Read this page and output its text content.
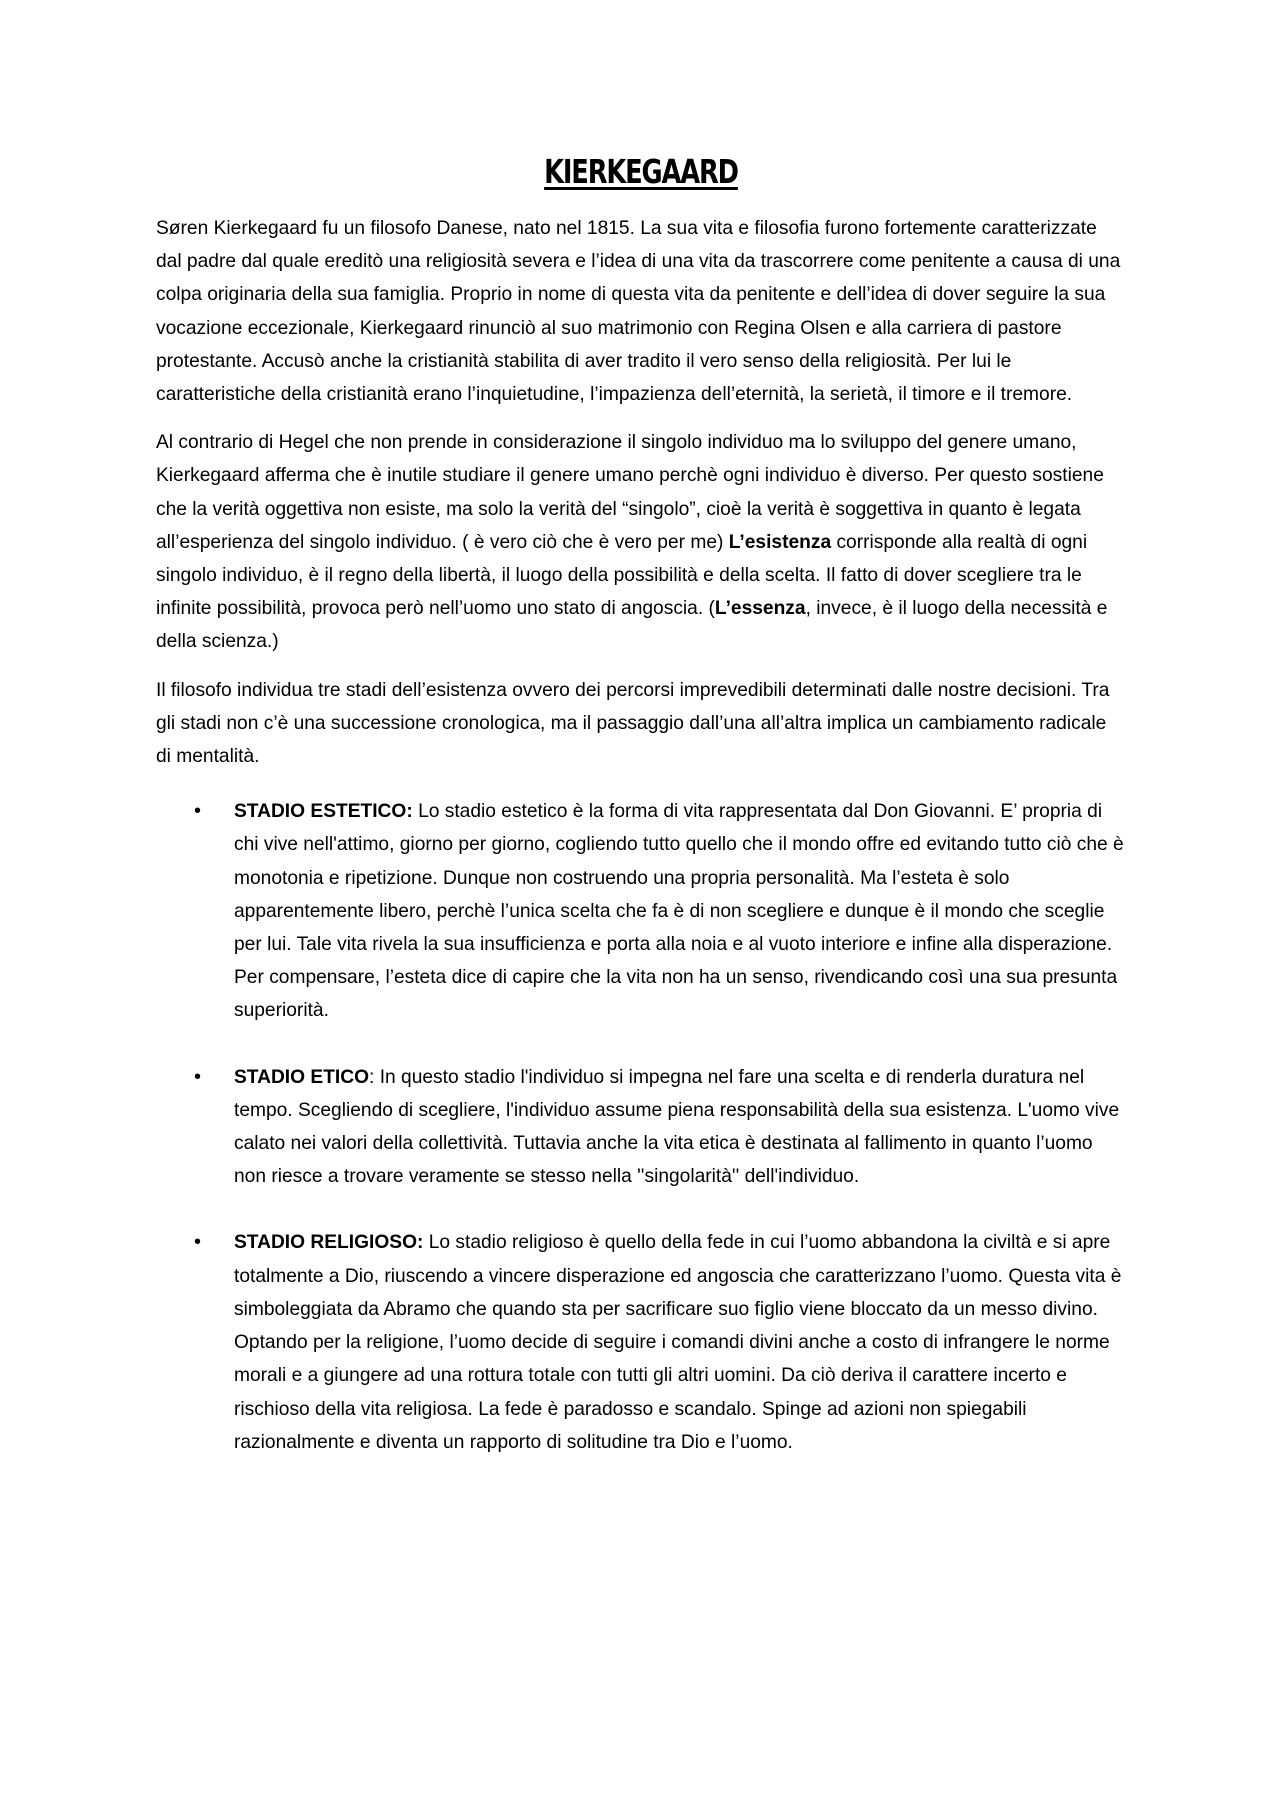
KIERKEGAARD

Søren Kierkegaard fu un filosofo Danese, nato nel 1815. La sua vita e filosofia furono fortemente caratterizzate dal padre dal quale ereditò una religiosità severa e l’idea di una vita da trascorrere come penitente a causa di una colpa originaria della sua famiglia. Proprio in nome di questa vita da penitente e dell’idea di dover seguire la sua vocazione eccezionale, Kierkegaard rinunciò al suo matrimonio con Regina Olsen e alla carriera di pastore protestante. Accusò anche la cristianità stabilita di aver tradito il vero senso della religiosità. Per lui le caratteristiche della cristianità erano l’inquietudine, l’impazienza dell’eternità, la serietà, il timore e il tremore.

Al contrario di Hegel che non prende in considerazione il singolo individuo ma lo sviluppo del genere umano, Kierkegaard afferma che è inutile studiare il genere umano perchè ogni individuo è diverso. Per questo sostiene che la verità oggettiva non esiste, ma solo la verità del “singolo”, cioè la verità è soggettiva in quanto è legata all’esperienza del singolo individuo. ( è vero ciò che è vero per me) L’esistenza corrisponde alla realtà di ogni singolo individuo, è il regno della libertà, il luogo della possibilità e della scelta. Il fatto di dover scegliere tra le infinite possibilità, provoca però nell’uomo uno stato di angoscia. (L’essenza, invece, è il luogo della necessità e della scienza.)

Il filosofo individua tre stadi dell’esistenza ovvero dei percorsi imprevedibili determinati dalle nostre decisioni. Tra gli stadi non c’è una successione cronologica, ma il passaggio dall’una all’altra implica un cambiamento radicale di mentalità.

• STADIO ESTETICO: Lo stadio estetico è la forma di vita rappresentata dal Don Giovanni. E’ propria di chi vive nell'attimo, giorno per giorno, cogliendo tutto quello che il mondo offre ed evitando tutto ciò che è monotonia e ripetizione. Dunque non costruendo una propria personalità. Ma l’esteta è solo apparentemente libero, perchè l’unica scelta che fa è di non scegliere e dunque è il mondo che sceglie per lui. Tale vita rivela la sua insufficienza e porta alla noia e al vuoto interiore e infine alla disperazione. Per compensare, l’esteta dice di capire che la vita non ha un senso, rivendicando così una sua presunta superiorità.
• STADIO ETICO: In questo stadio l'individuo si impegna nel fare una scelta e di renderla duratura nel tempo. Scegliendo di scegliere, l'individuo assume piena responsabilità della sua esistenza. L'uomo vive calato nei valori della collettività. Tuttavia anche la vita etica è destinata al fallimento in quanto l’uomo non riesce a trovare veramente se stesso nella ''singolarità'' dell'individuo.
• STADIO RELIGIOSO: Lo stadio religioso è quello della fede in cui l’uomo abbandona la civiltà e si apre totalmente a Dio, riuscendo a vincere disperazione ed angoscia che caratterizzano l’uomo. Questa vita è simboleggiata da Abramo che quando sta per sacrificare suo figlio viene bloccato da un messo divino. Optando per la religione, l’uomo decide di seguire i comandi divini anche a costo di infrangere le norme morali e a giungere ad una rottura totale con tutti gli altri uomini. Da ciò deriva il carattere incerto e rischioso della vita religiosa. La fede è paradosso e scandalo. Spinge ad azioni non spiegabili razionalmente e diventa un rapporto di solitudine tra Dio e l’uomo.
